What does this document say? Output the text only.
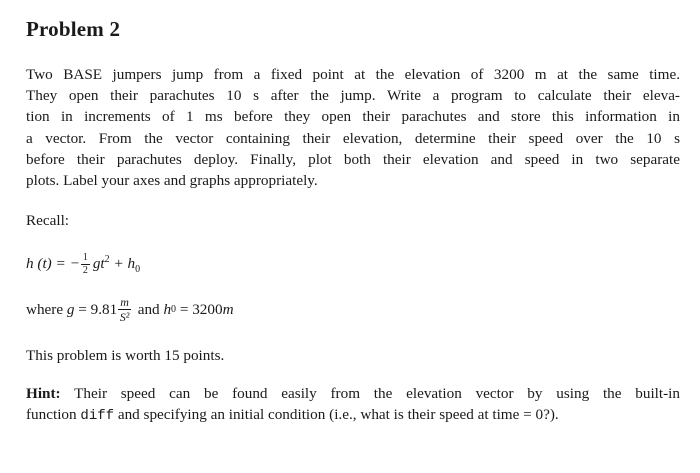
Problem 2
Two BASE jumpers jump from a fixed point at the elevation of 3200 m at the same time.
They open their parachutes 10 s after the jump. Write a program to calculate their eleva-
tion in increments of 1 ms before they open their parachutes and store this information in
a vector. From the vector containing their elevation, determine their speed over the 10 s
before their parachutes deploy. Finally, plot both their elevation and speed in two separate
plots. Label your axes and graphs appropriately.
Recall:
h (t) = − $\frac{1}{2} gt^2 + h_0$
where $g = 9.81 \frac{m}{\text{S²}}$ and h 0 = 3200 m
This problem is worth 15 points.
Hint: Their speed can be found easily from the elevation vector by using the built-in
function diff and specifying an initial condition (i.e., what is their speed at time = 0?).
